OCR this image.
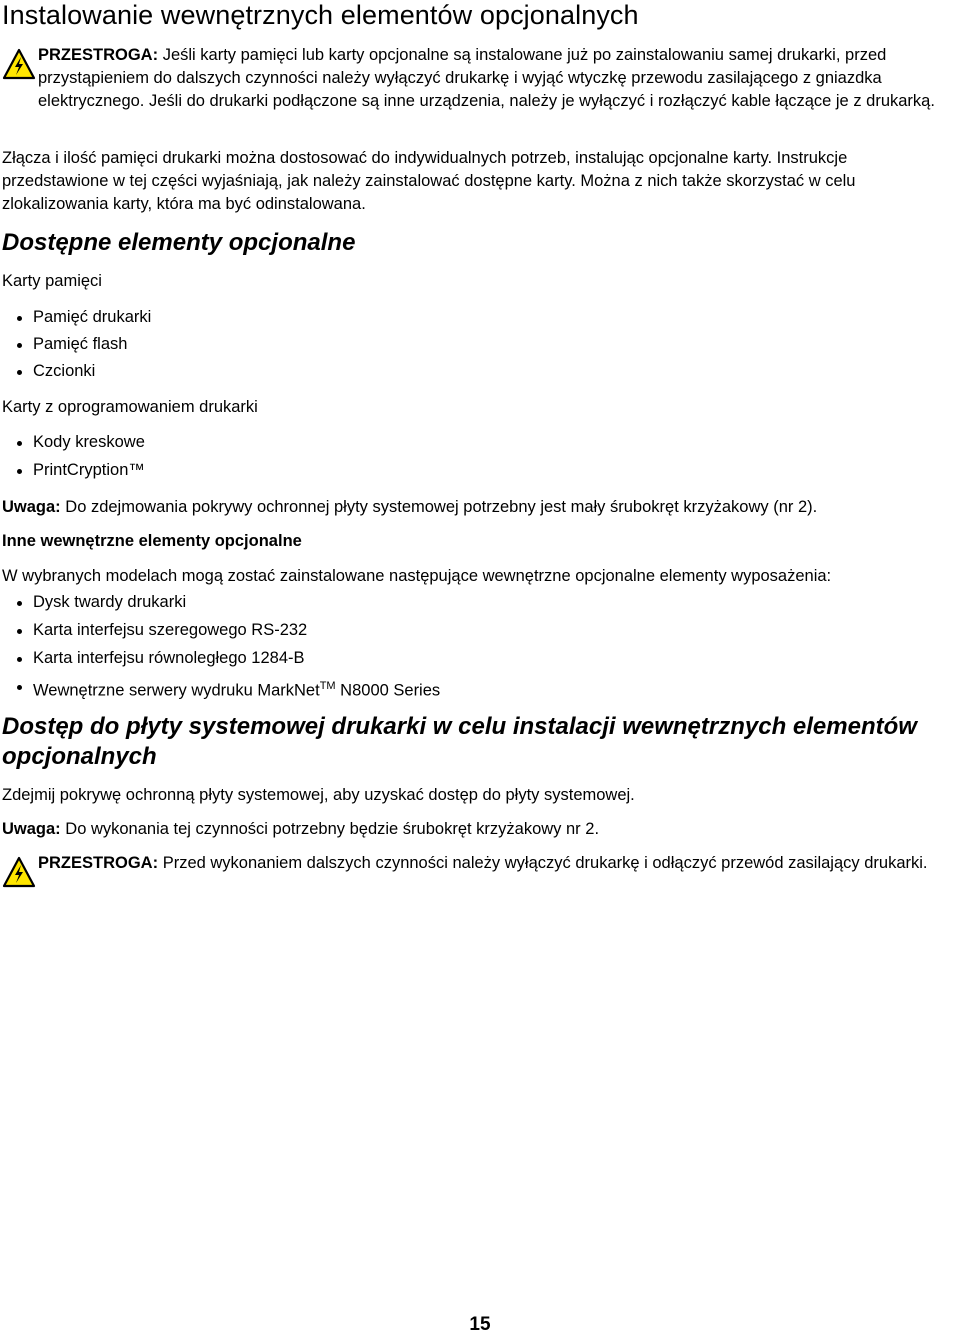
Instalowanie wewnętrznych elementów opcjonalnych
PRZESTROGA: Jeśli karty pamięci lub karty opcjonalne są instalowane już po zainstalowaniu samej drukarki, przed przystąpieniem do dalszych czynności należy wyłączyć drukarkę i wyjąć wtyczkę przewodu zasilającego z gniazdka elektrycznego. Jeśli do drukarki podłączone są inne urządzenia, należy je wyłączyć i rozłączyć kable łączące je z drukarką.

Złącza i ilość pamięci drukarki można dostosować do indywidualnych potrzeb, instalując opcjonalne karty. Instrukcje przedstawione w tej części wyjaśniają, jak należy zainstalować dostępne karty. Można z nich także skorzystać w celu zlokalizowania karty, która ma być odinstalowana.

Dostępne elementy opcjonalne

Karty pamięci

Pamięć drukarki
Pamięć flash
Czcionki

Karty z oprogramowaniem drukarki

Kody kreskowe
PrintCryption™

Uwaga: Do zdejmowania pokrywy ochronnej płyty systemowej potrzebny jest mały śrubokręt krzyżakowy (nr 2).

Inne wewnętrzne elementy opcjonalne

W wybranych modelach mogą zostać zainstalowane następujące wewnętrzne opcjonalne elementy wyposażenia:

Dysk twardy drukarki
Karta interfejsu szeregowego RS-232
Karta interfejsu równoległego 1284-B
Wewnętrzne serwery wydruku MarkNet™ N8000 Series
Dostęp do płyty systemowej drukarki w celu instalacji wewnętrznych elementów opcjonalnych

Zdejmij pokrywę ochronną płyty systemowej, aby uzyskać dostęp do płyty systemowej.

Uwaga: Do wykonania tej czynności potrzebny będzie śrubokręt krzyżakowy nr 2.

PRZESTROGA: Przed wykonaniem dalszych czynności należy wyłączyć drukarkę i odłączyć przewód zasilający drukarki.
15
